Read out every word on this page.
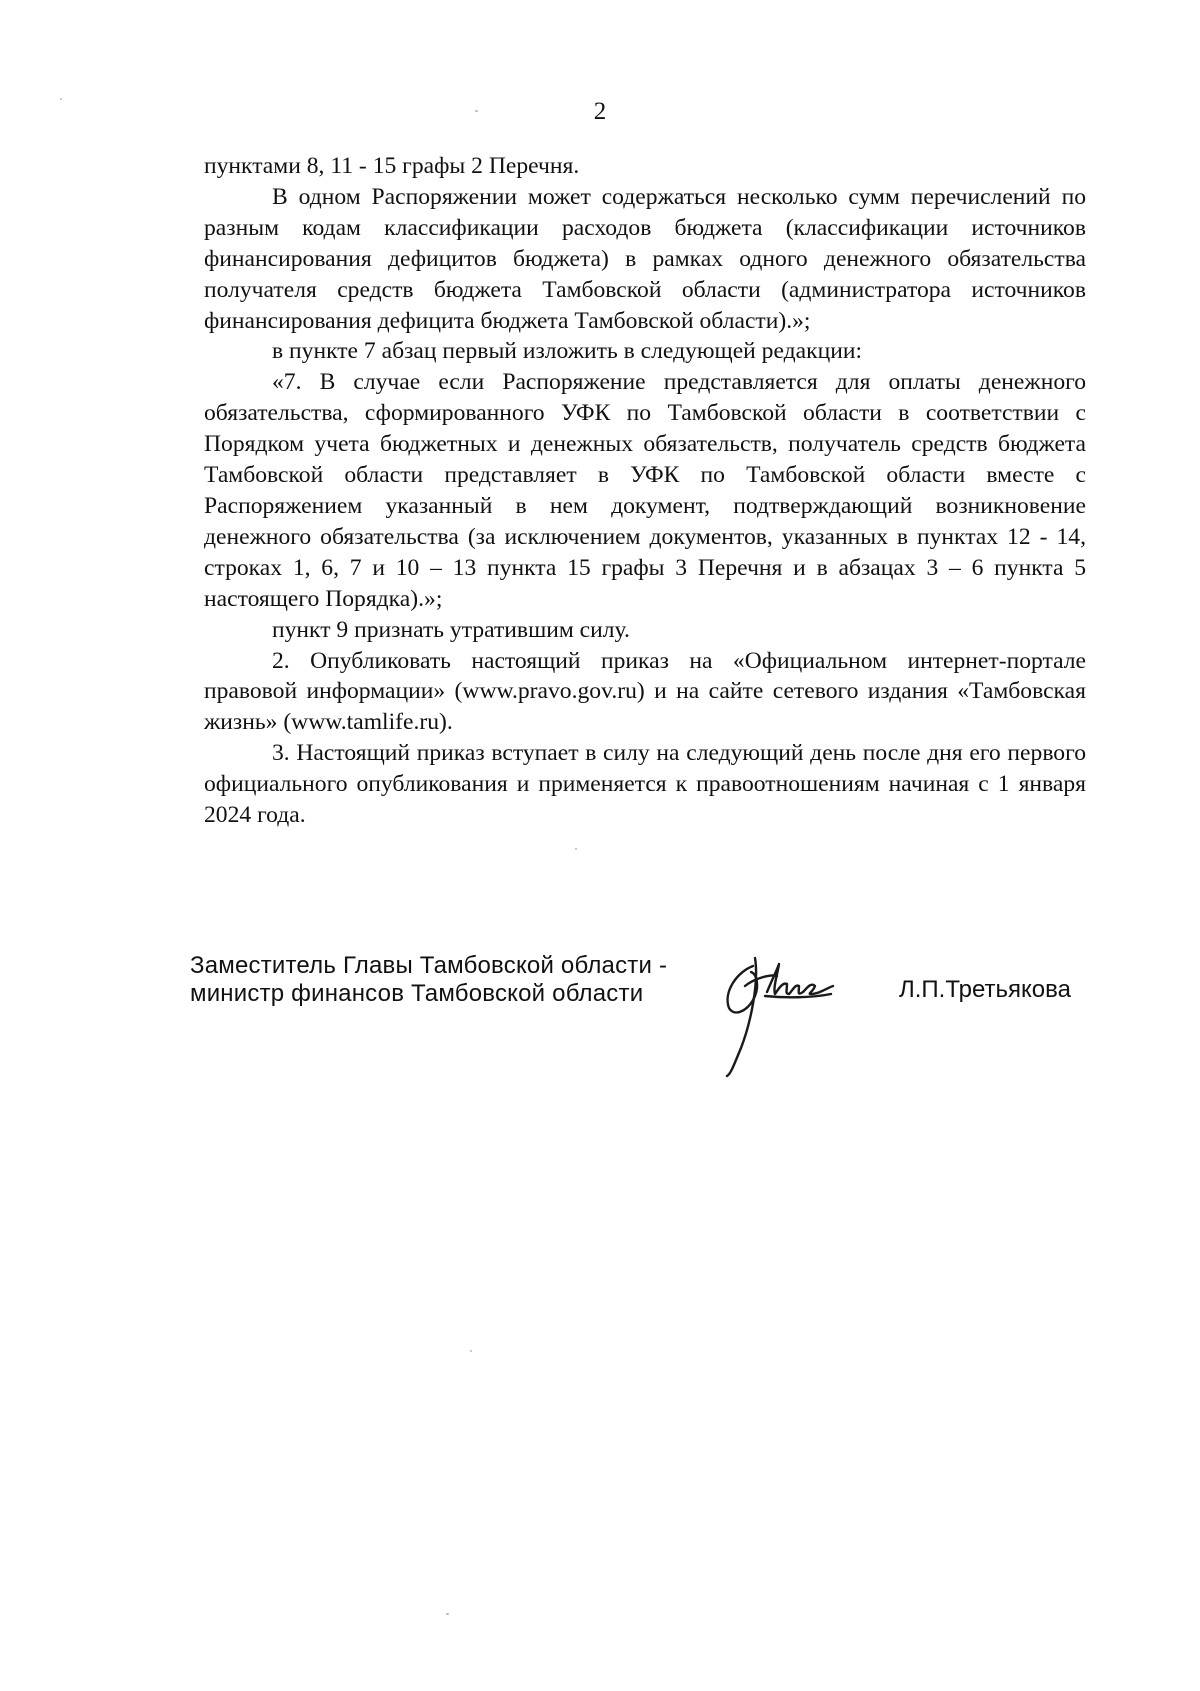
2

пунктами 8, 11 - 15 графы 2 Перечня.

В одном Распоряжении может содержаться несколько сумм перечислений по разным кодам классификации расходов бюджета (классификации источников финансирования дефицитов бюджета) в рамках одного денежного обязательства получателя средств бюджета Тамбовской области (администратора источников финансирования дефицита бюджета Тамбовской области).»;

в пункте 7 абзац первый изложить в следующей редакции:

«7. В случае если Распоряжение представляется для оплаты денежного обязательства, сформированного УФК по Тамбовской области в соответствии с Порядком учета бюджетных и денежных обязательств, получатель средств бюджета Тамбовской области представляет в УФК по Тамбовской области вместе с Распоряжением указанный в нем документ, подтверждающий возникновение денежного обязательства (за исключением документов, указанных в пунктах 12 - 14, строках 1, 6, 7 и 10 – 13 пункта 15 графы 3 Перечня и в абзацах 3 – 6 пункта 5 настоящего Порядка).»;

пункт 9 признать утратившим силу.

2. Опубликовать настоящий приказ на «Официальном интернет-портале правовой информации» (www.pravo.gov.ru) и на сайте сетевого издания «Тамбовская жизнь» (www.tamlife.ru).

3. Настоящий приказ вступает в силу на следующий день после дня его первого официального опубликования и применяется к правоотношениям начиная с 1 января 2024 года.

Заместитель Главы Тамбовской области -
министр финансов Тамбовской области	Л.П.Третьякова
